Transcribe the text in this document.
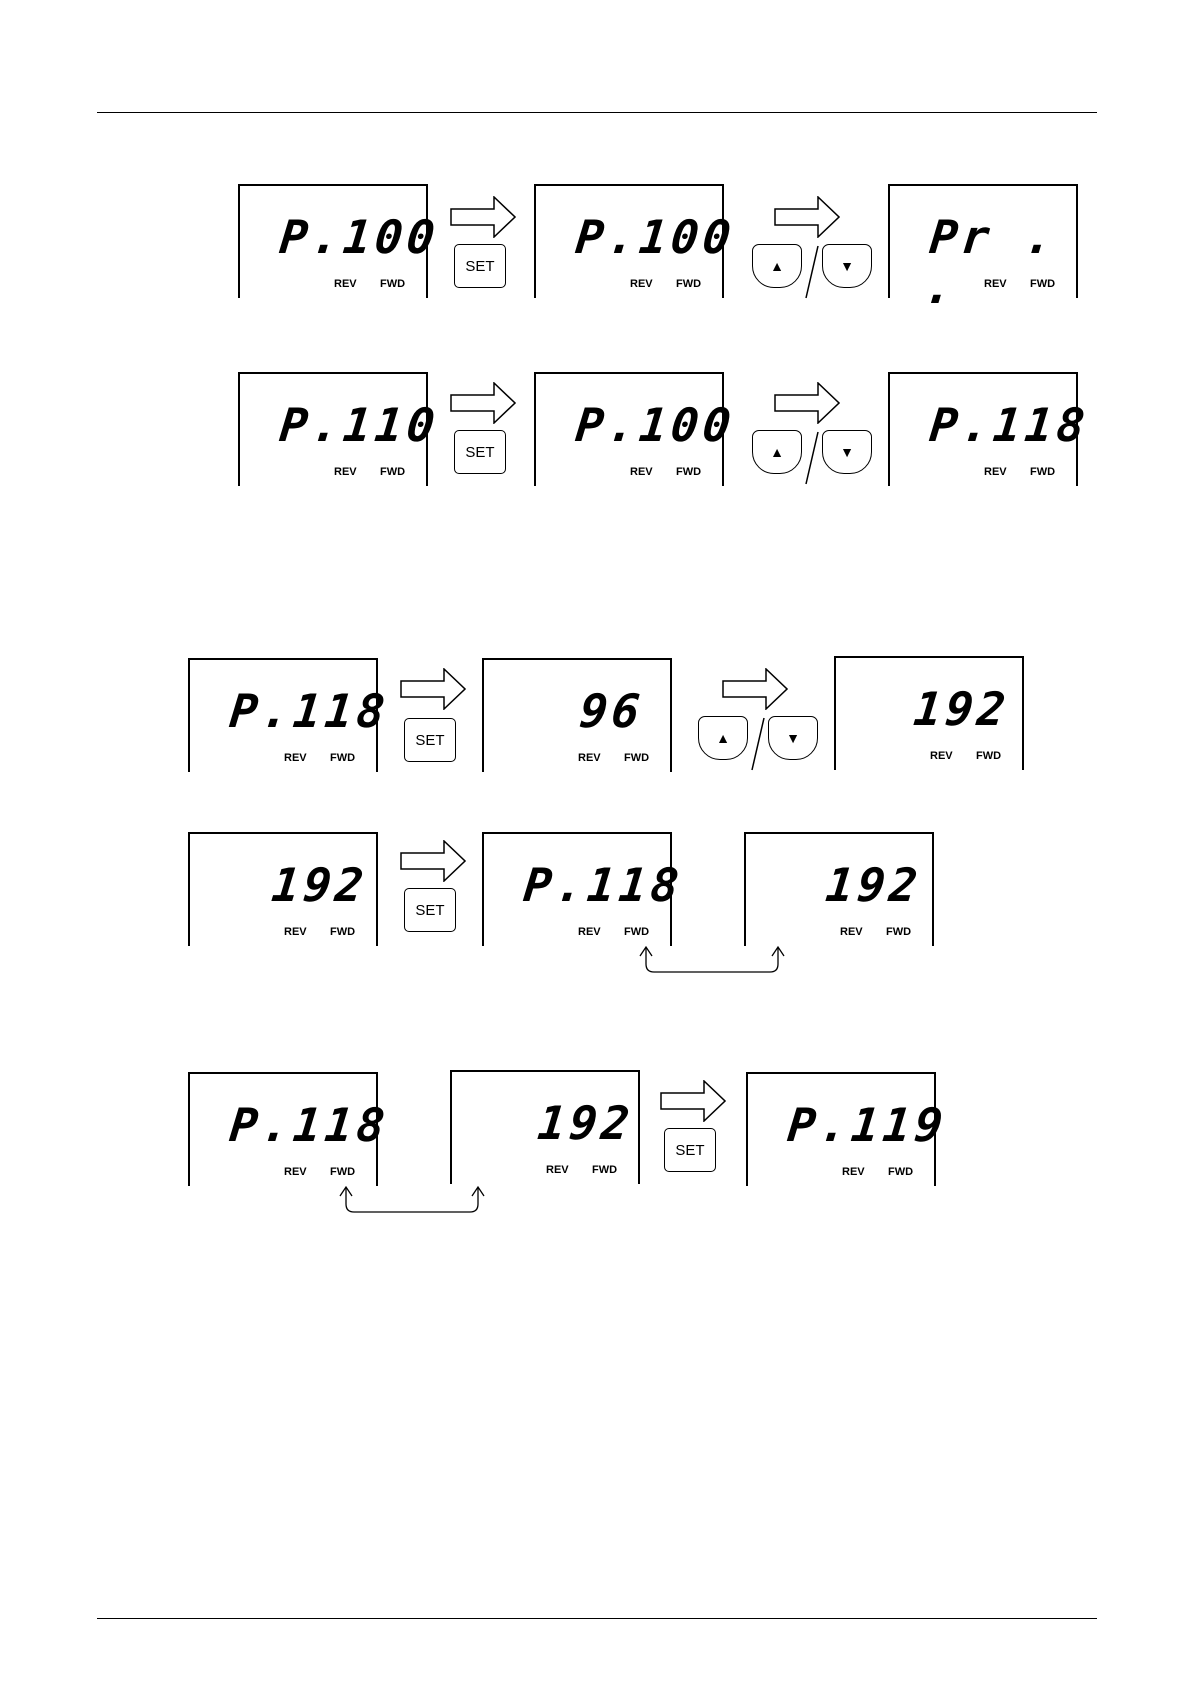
P.100
REV FWD
SET
P.100
REV FWD
▲	▼
Pr . .	REV FWD
P.110
REV FWD
SET	P.100
REV FWD
▲	▼	P.118
REV FWD
P.118
REV FWD
SET
96
REV FWD
▲	▼
192
REV FWD
192
REV FWD
SET	P.118
REV FWD
192
REV FWD
P.118
REV FWD
192
REV FWD
SET	P.119
REV FWD
